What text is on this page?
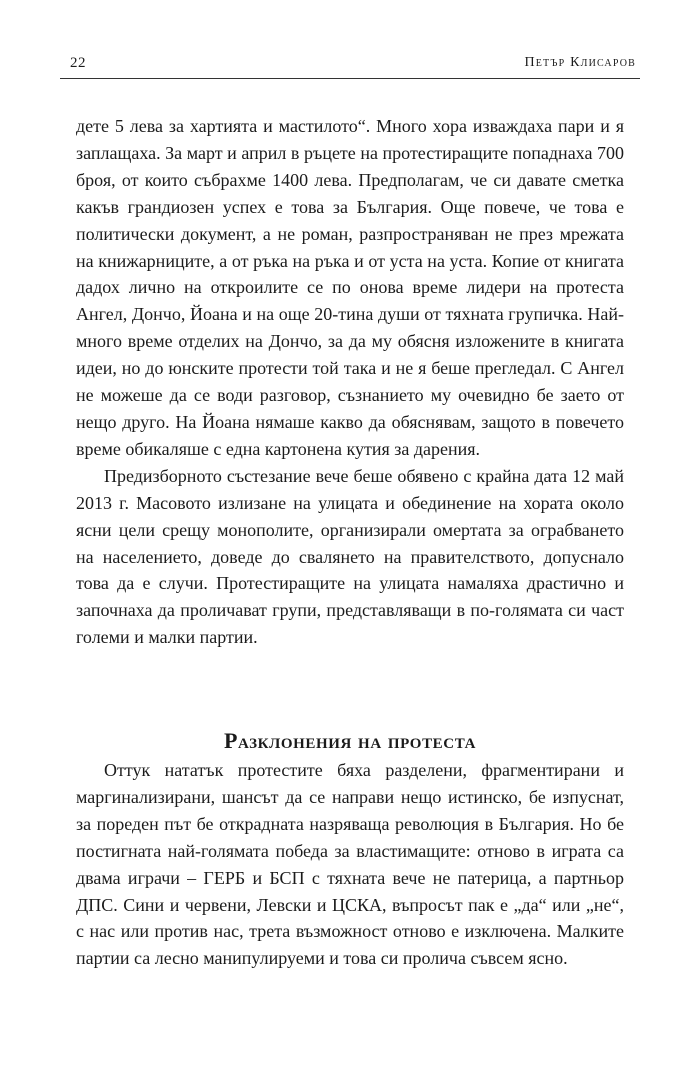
22	Петър Клисаров

дете 5 лева за хартията и мастилото“. Много хора изваждаха пари и я заплащаха. За март и април в ръцете на протестиращите попаднаха 700 броя, от които събрахме 1400 лева. Предполагам, че си давате сметка какъв грандиозен успех е това за България. Още повече, че това е политически документ, а не роман, разпространяван не през мрежата на книжарниците, а от ръка на ръка и от уста на уста. Копие от книгата дадох лично на откроилите се по онова време лидери на протеста Ангел, Дончо, Йоана и на още 20-тина души от тяхната групичка. Най-много време отделих на Дончо, за да му обясня изложените в книгата идеи, но до юнските протести той така и не я беше прегледал. С Ангел не можеше да се води разговор, съзнанието му очевидно бе заето от нещо друго. На Йоана нямаше какво да обяснявам, защото в повечето време обикаляше с една картонена кутия за дарения.

Предизборното състезание вече беше обявено с крайна дата 12 май 2013 г. Масовото излизане на улицата и обединение на хората около ясни цели срещу монополите, организирали омертата за ограбването на населението, доведе до свалянето на правителството, допуснало това да е случи. Протестиращите на улицата намаляха драстично и започнаха да проличават групи, представляващи в по-голямата си част големи и малки партии.

Разклонения на протеста

Оттук нататък протестите бяха разделени, фрагментирани и маргинализирани, шансът да се направи нещо истинско, бе изпуснат, за пореден път бе открадната назряваща революция в България. Но бе постигната най-голямата победа за властимащите: отново в играта са двама играчи – ГЕРБ и БСП с тяхната вече не патерица, а партньор ДПС. Сини и червени, Левски и ЦСКА, въпросът пак е „да“ или „не“, с нас или против нас, трета възможност отново е изключена. Малките партии са лесно манипулируеми и това си пролича съвсем ясно.
